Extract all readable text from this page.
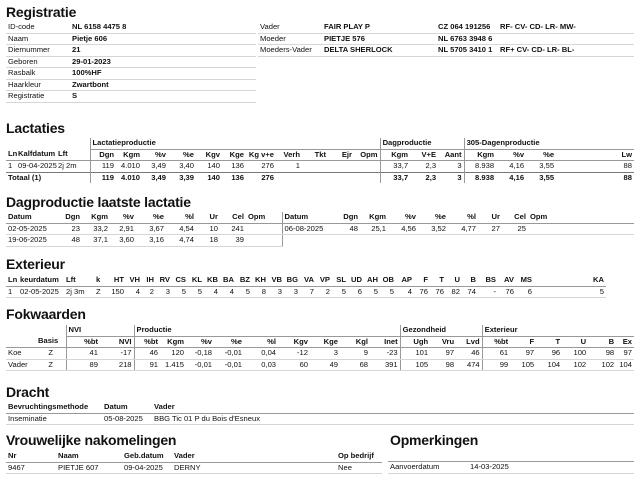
Registratie
ID-code	NL 6158 4475 8
Naam	Pietje 606
Diernummer	21
Geboren	29-01-2023
Rasbalk	100%HF
Haarkleur	Zwartbont
Registratie	S
Vader	FAIR PLAY P	CZ 064 191256	RF- CV- CD- LR- MW-
Moeder	PIETJE 576	NL 6763 3948 6	
Moeders-Vader	DELTA SHERLOCK	NL 5705 3410 1	RF+ CV- CD- LR- BL-

Lactaties
			Lactatieproductie											Dagproductie			305-Dagenproductie			
Ln	Kalfdatum	Lft	Dgn	Kgm	%v	%e	Kgv	Kge	Kg v+e	Verh	Tkt	Ejr	Opm	Kgm	V+E	Aant	Kgm	%v	%e	Lw
1	09-04-2025	2j 2m	119	4.010	3,49	3,40	140	136	276	1				33,7	2,3	3	8.938	4,16	3,55	88
Totaal (1)			119	4.010	3,49	3,39	140	136	276					33,7	2,3	3	8.938	4,16	3,55	88
Dagproductie laatste lactatie
Datum	Dgn	Kgm	%v	%e	%l	Ur	Cel	Opm	Datum	Dgn	Kgm	%v	%e	%l	Ur	Cel	Opm
02-05-2025	23	33,2	2,91	3,67	4,54	10	241		06-08-2025	48	25,1	4,56	3,52	4,77	27	25	
19-06-2025	48	37,1	3,60	3,16	4,74	18	39										
Exterieur
Ln	keurdatum	Lft	k	HT	VH	IH	RV	CS	KL	KB	BA	BZ	KH	VB	BG	VA	VP	SL	UD	AH	OB	AP	F	T	U	B	BS	AV	MS	KA
1	02-05-2025	2j 3m	Z	150	4	2	3	5	5	4	4	5	8	3	3	7	2	5	6	5	5	4	76	76	82	74	-	76	6	5
Fokwaarden
		NVI		Productie									Gezondheid			Exterieur					
	Basis	%bt	NVI	%bt	Kgm	%v	%e	%l	Kgv	Kge	Kgl	Inet	Ugh	Vru	Lvd	%bt	F	T	U	B	Ex
Koe	Z	41	-17	46	120	-0,18	-0,01	0,04	-12	3	9	-23	101	97	46	61	97	96	100	98	97
Vader	Z	89	218	91	1.415	-0,01	-0,01	0,03	60	49	68	391	105	98	474	99	105	104	102	102	104
Dracht
Bevruchtingsmethode	Datum	Vader
Inseminatie	05-08-2025	BBG Tic 01 P du Bois d'Esneux
Vrouwelijke nakomelingen
Nr	Naam	Geb.datum	Vader	Op bedrijf
9467	PIETJE 607	09-04-2025	DERNY	Nee
Opmerkingen
Aanvoerdatum	14-03-2025
